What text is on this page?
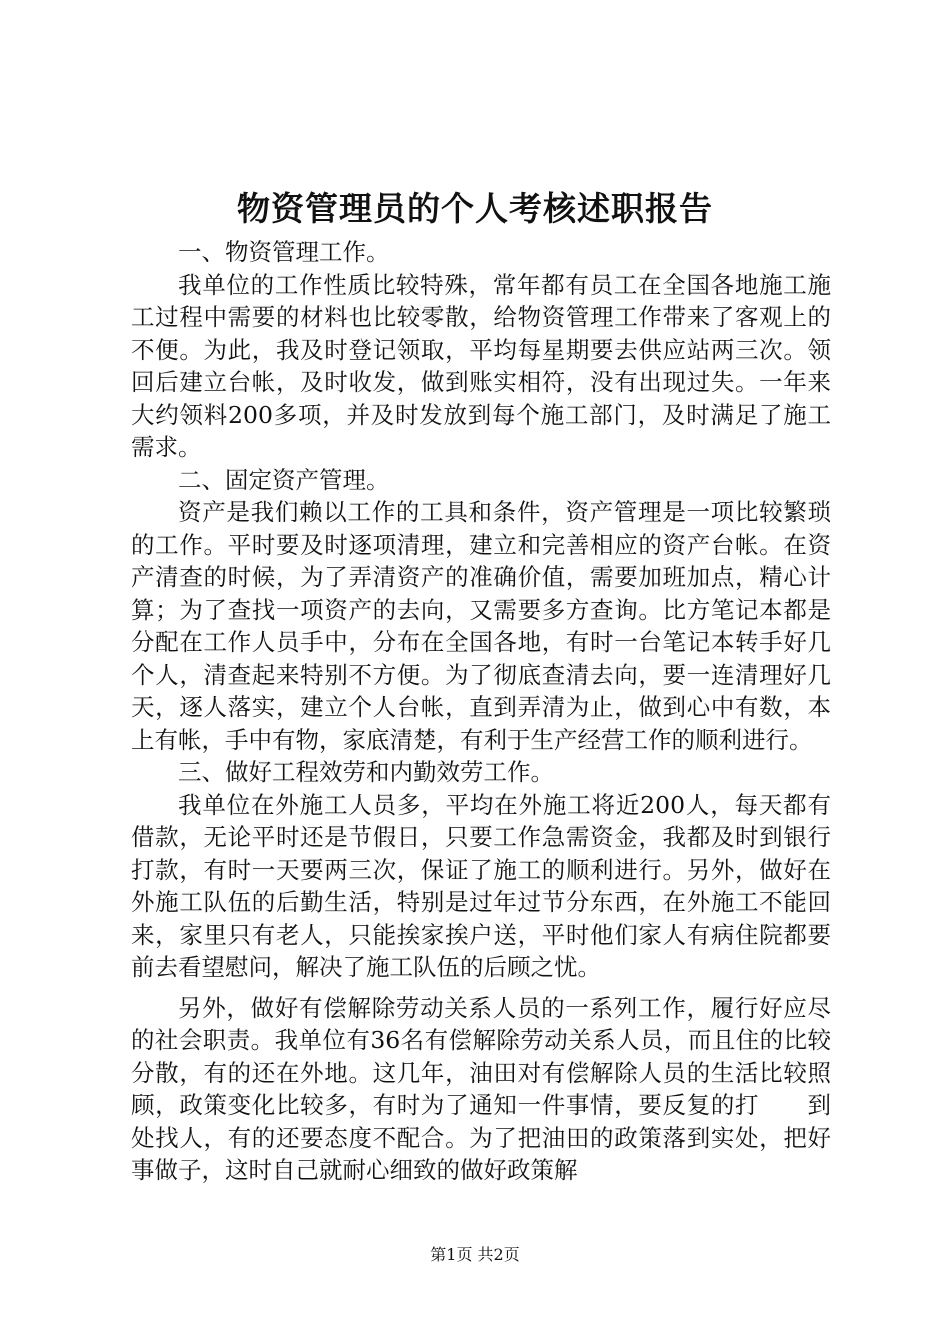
物资管理员的个人考核述职报告

一、物资管理工作。

我单位的工作性质比较特殊，常年都有员工在全国各地施工施工过程中需要的材料也比较零散，给物资管理工作带来了客观上的不便。为此，我及时登记领取，平均每星期要去供应站两三次。领回后建立台帐，及时收发，做到账实相符，没有出现过失。一年来大约领料200多项，并及时发放到每个施工部门，及时满足了施工需求。

二、固定资产管理。

资产是我们赖以工作的工具和条件，资产管理是一项比较繁琐的工作。平时要及时逐项清理，建立和完善相应的资产台帐。在资产清查的时候，为了弄清资产的准确价值，需要加班加点，精心计算；为了查找一项资产的去向，又需要多方查询。比方笔记本都是分配在工作人员手中，分布在全国各地，有时一台笔记本转手好几个人，清查起来特别不方便。为了彻底查清去向，要一连清理好几天，逐人落实，建立个人台帐，直到弄清为止，做到心中有数，本上有帐，手中有物，家底清楚，有利于生产经营工作的顺利进行。

三、做好工程效劳和内勤效劳工作。

我单位在外施工人员多，平均在外施工将近200人，每天都有借款，无论平时还是节假日，只要工作急需资金，我都及时到银行打款，有时一天要两三次，保证了施工的顺利进行。另外，做好在外施工队伍的后勤生活，特别是过年过节分东西，在外施工不能回来，家里只有老人，只能挨家挨户送，平时他们家人有病住院都要前去看望慰问，解决了施工队伍的后顾之忧。

另外，做好有偿解除劳动关系人员的一系列工作，履行好应尽的社会职责。我单位有36名有偿解除劳动关系人员，而且住的比较分散，有的还在外地。这几年，油田对有偿解除人员的生活比较照顾，政策变化比较多，有时为了通知一件事情，要反复的打　　到处找人，有的还要态度不配合。为了把油田的政策落到实处，把好事做子，这时自己就耐心细致的做好政策解

第1页 共2页
